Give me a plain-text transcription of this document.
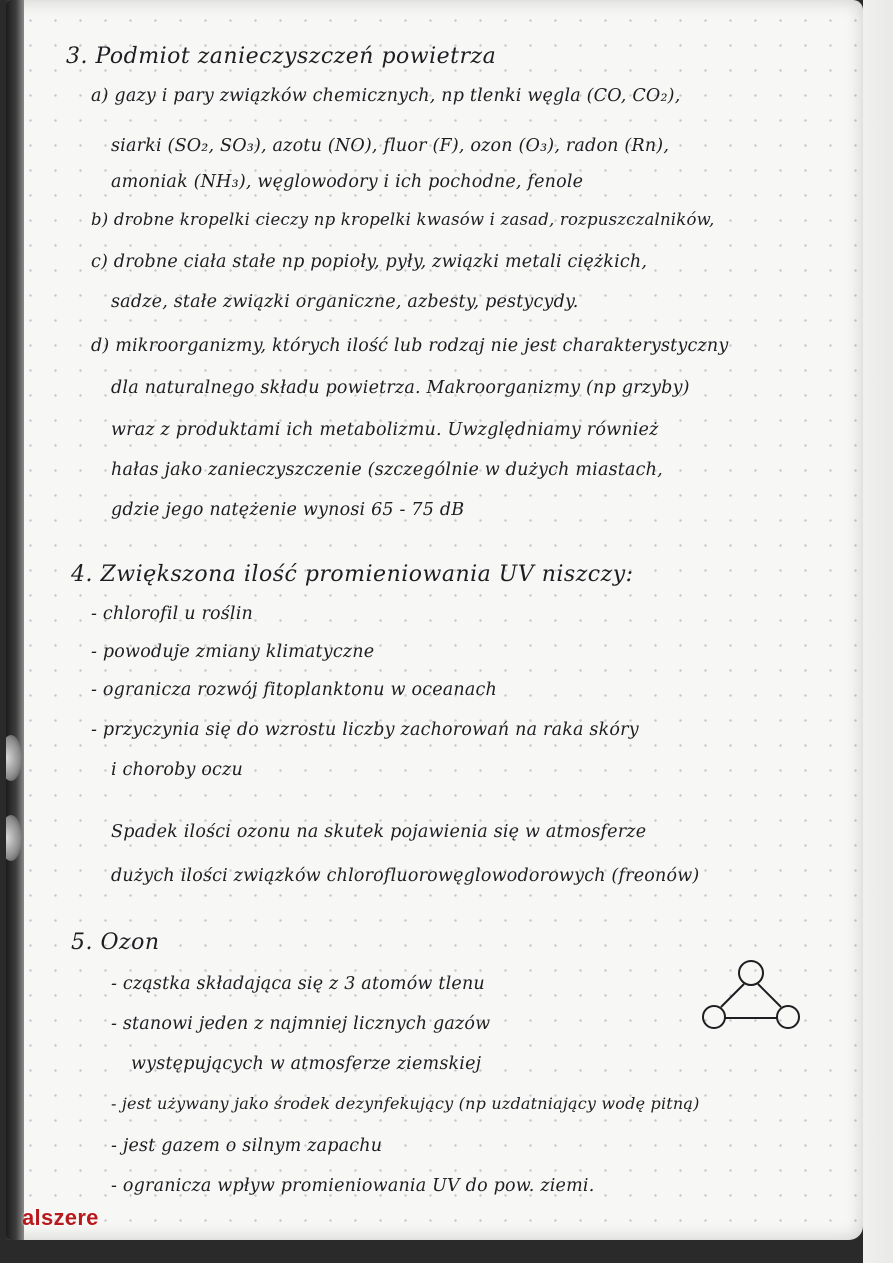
3. Podmiot zanieczyszczeń powietrza
a) gazy i pary związków chemicznych, np tlenki węgla (CO, CO₂),
siarki (SO₂, SO₃), azotu (NO), fluor (F), ozon (O₃), radon (Rn),
amoniak (NH₃), węglowodory i ich pochodne, fenole
b) drobne kropelki cieczy np kropelki kwasów i zasad, rozpuszczalników,
c) drobne ciała stałe np popioły, pyły, związki metali ciężkich,
sadze, stałe związki organiczne, azbesty, pestycydy.
d) mikroorganizmy, których ilość lub rodzaj nie jest charakterystyczny
dla naturalnego składu powietrza. Makroorganizmy (np grzyby)
wraz z produktami ich metabolizmu. Uwzględniamy również
hałas jako zanieczyszczenie (szczególnie w dużych miastach,
gdzie jego natężenie wynosi 65 - 75 dB
4. Zwiększona ilość promieniowania UV niszczy:
- chlorofil u roślin
- powoduje zmiany klimatyczne
- ogranicza rozwój fitoplanktonu w oceanach
- przyczynia się do wzrostu liczby zachorowań na raka skóry
i choroby oczu
Spadek ilości ozonu na skutek pojawienia się w atmosferze
dużych ilości związków chlorofluorowęglowodorowych (freonów)
5. Ozon
- cząstka składająca się z 3 atomów tlenu
- stanowi jeden z najmniej licznych gazów
występujących w atmosferze ziemskiej
- jest używany jako środek dezynfekujący (np uzdatniający wodę pitną)
- jest gazem o silnym zapachu
- ogranicza wpływ promieniowania UV do pow. ziemi.
alszere
